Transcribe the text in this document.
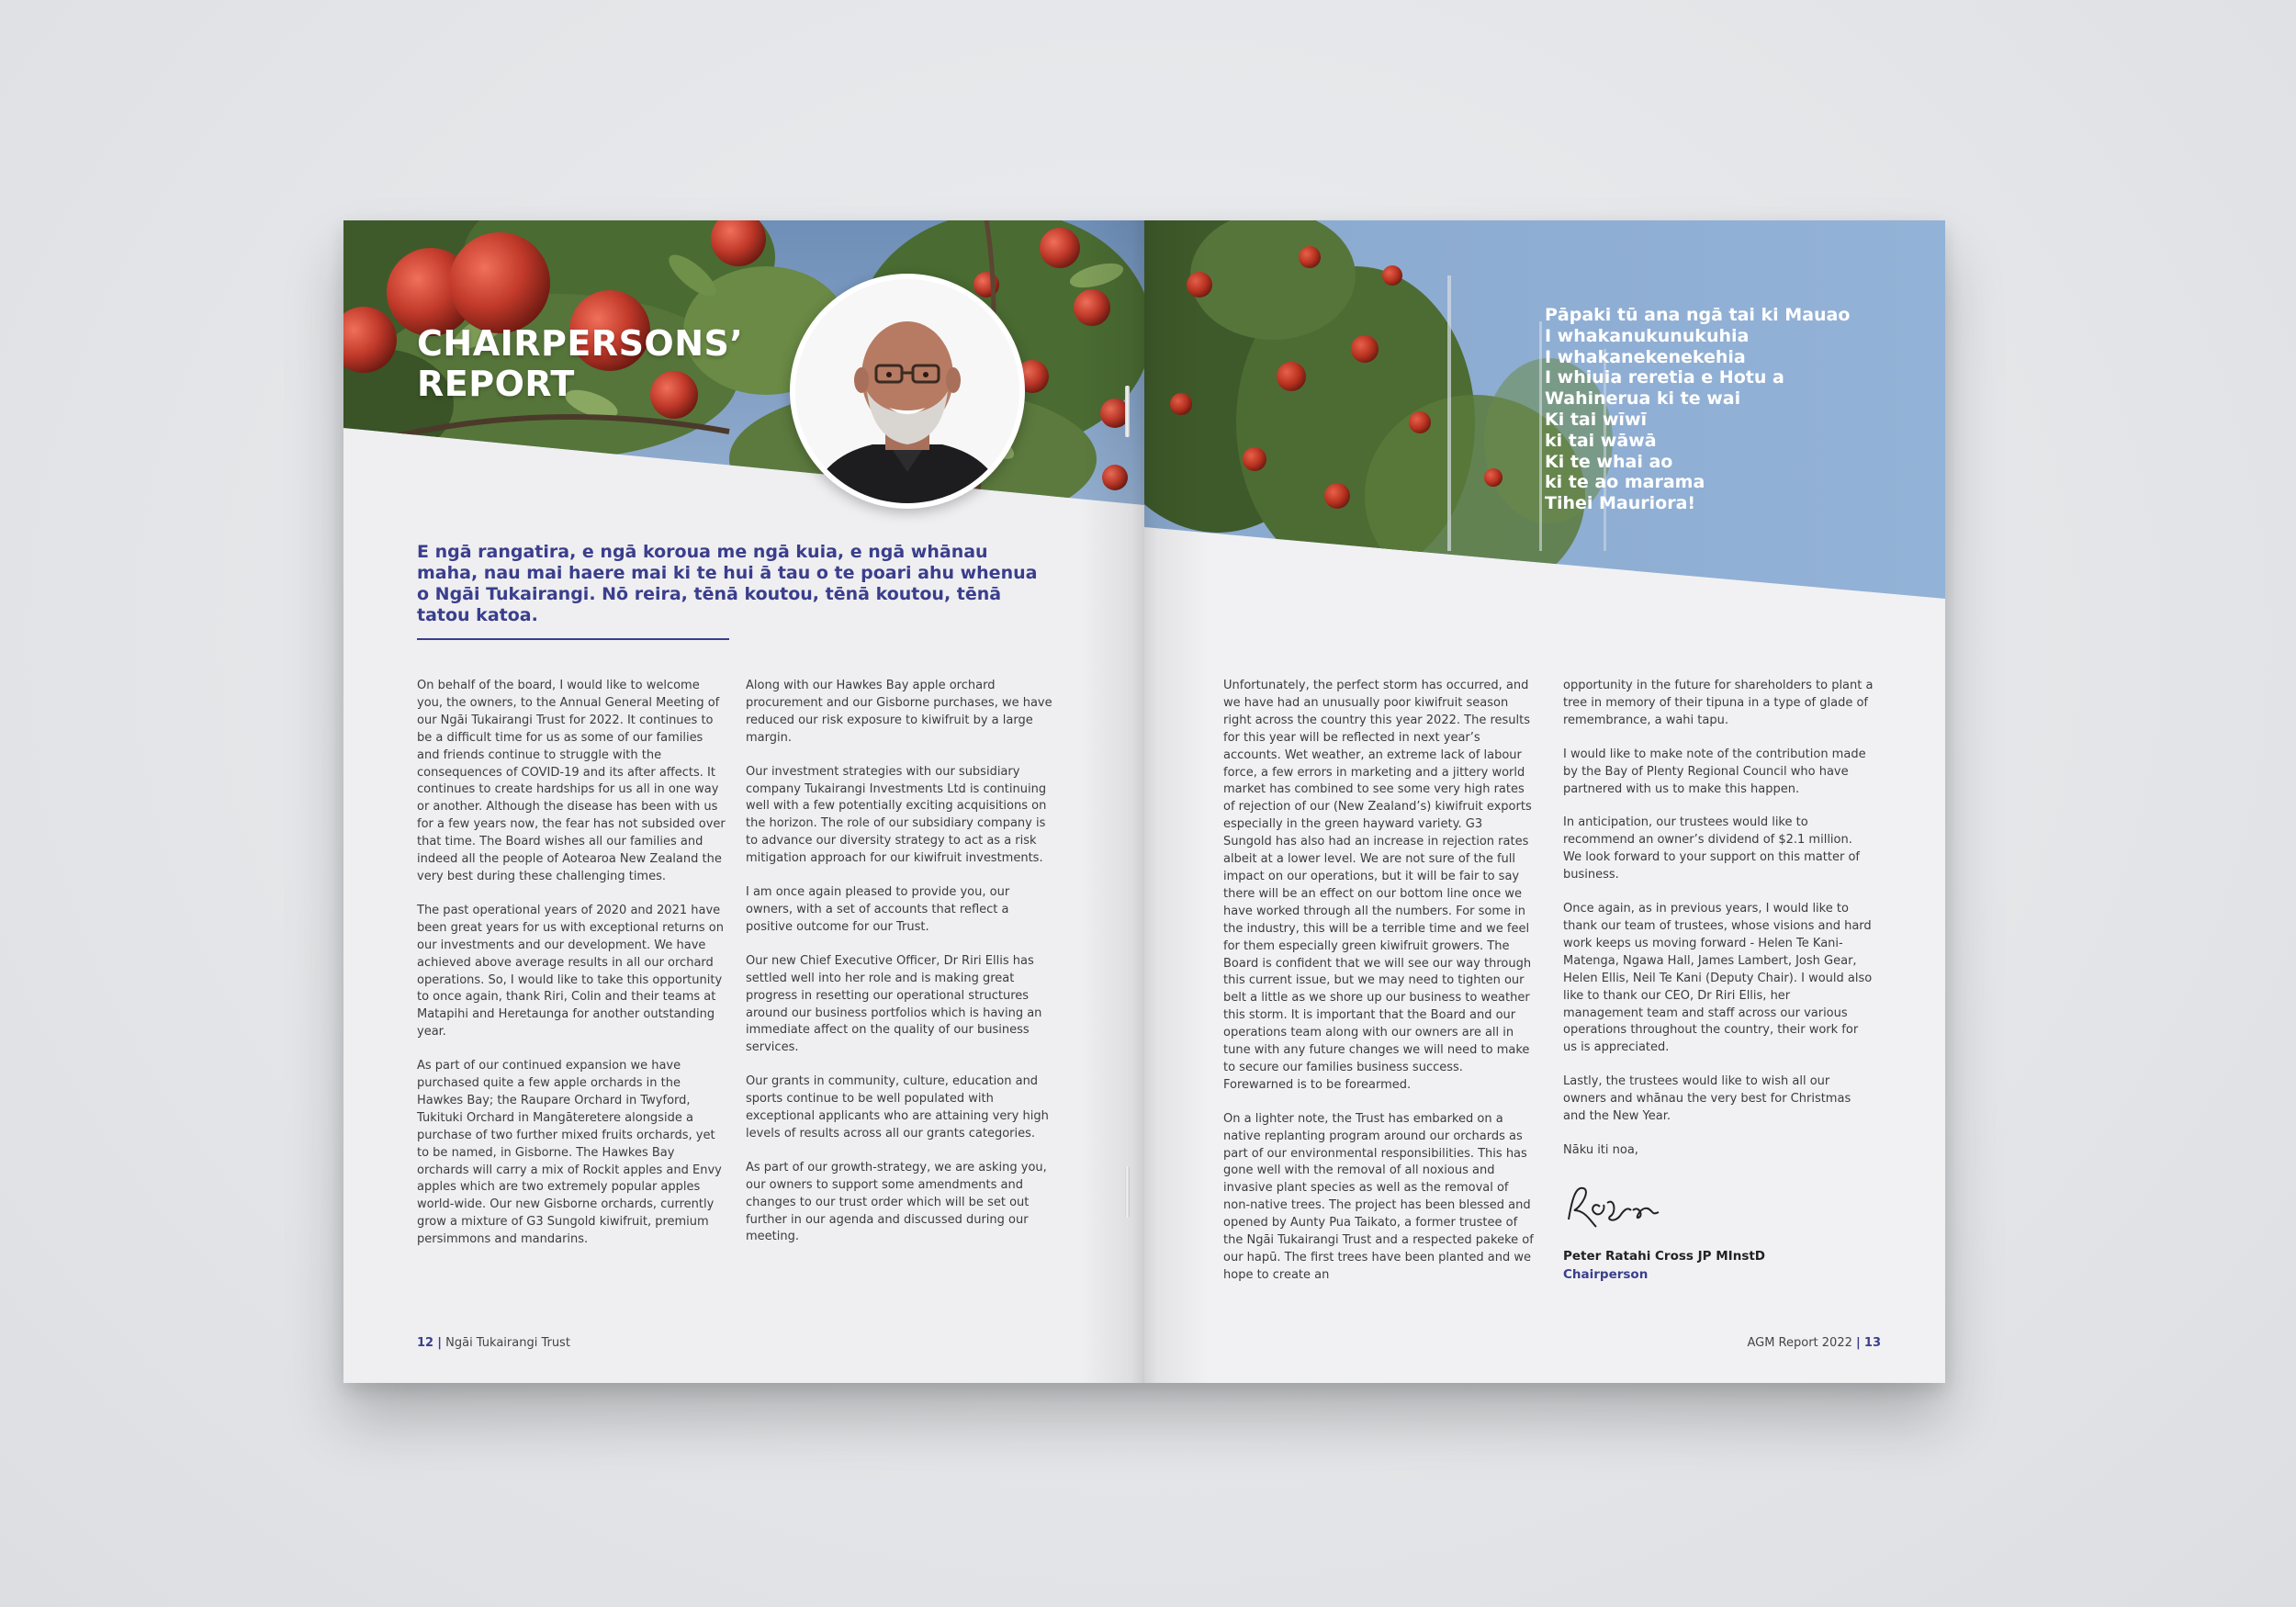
CHAIRPERSONS’
REPORT
E ngā rangatira, e ngā koroua me ngā kuia, e ngā whānau maha, nau mai haere mai ki te hui ā tau o te poari ahu whenua o Ngāi Tukairangi. Nō reira, tēnā koutou, tēnā koutou, tēnā tatou katoa.

On behalf of the board, I would like to welcome you, the owners, to the Annual General Meeting of our Ngāi Tukairangi Trust for 2022. It continues to be a difficult time for us as some of our families and friends continue to struggle with the consequences of COVID-19 and its after affects. It continues to create hardships for us all in one way or another. Although the disease has been with us for a few years now, the fear has not subsided over that time. The Board wishes all our families and indeed all the people of Aotearoa New Zealand the very best during these challenging times.

The past operational years of 2020 and 2021 have been great years for us with exceptional returns on our investments and our development. We have achieved above average results in all our orchard operations. So, I would like to take this opportunity to once again, thank Riri, Colin and their teams at Matapihi and Heretaunga for another outstanding year.

As part of our continued expansion we have purchased quite a few apple orchards in the Hawkes Bay; the Raupare Orchard in Twyford, Tukituki Orchard in Mangāteretere alongside a purchase of two further mixed fruits orchards, yet to be named, in Gisborne. The Hawkes Bay orchards will carry a mix of Rockit apples and Envy apples which are two extremely popular apples world-wide. Our new Gisborne orchards, currently grow a mixture of G3 Sungold kiwifruit, premium persimmons and mandarins.

Along with our Hawkes Bay apple orchard procurement and our Gisborne purchases, we have reduced our risk exposure to kiwifruit by a large margin.

Our investment strategies with our subsidiary company Tukairangi Investments Ltd is continuing well with a few potentially exciting acquisitions on the horizon. The role of our subsidiary company is to advance our diversity strategy to act as a risk mitigation approach for our kiwifruit investments.

I am once again pleased to provide you, our owners, with a set of accounts that reflect a positive outcome for our Trust.

Our new Chief Executive Officer, Dr Riri Ellis has settled well into her role and is making great progress in resetting our operational structures around our business portfolios which is having an immediate affect on the quality of our business services.

Our grants in community, culture, education and sports continue to be well populated with exceptional applicants who are attaining very high levels of results across all our grants categories.

As part of our growth-strategy, we are asking you, our owners to support some amendments and changes to our trust order which will be set out further in our agenda and discussed during our meeting.

12 | Ngāi Tukairangi Trust
Pāpaki tū ana ngā tai ki Mauao
I whakanukunukuhia
I whakanekenekehia
I whiuia reretia e Hotu a
Wahinerua ki te wai
Ki tai wīwī
ki tai wāwā
Ki te whai ao
ki te ao marama
Tihei Mauriora!

Unfortunately, the perfect storm has occurred, and we have had an unusually poor kiwifruit season right across the country this year 2022. The results for this year will be reflected in next year’s accounts. Wet weather, an extreme lack of labour force, a few errors in marketing and a jittery world market has combined to see some very high rates of rejection of our (New Zealand’s) kiwifruit exports especially in the green hayward variety. G3 Sungold has also had an increase in rejection rates albeit at a lower level. We are not sure of the full impact on our operations, but it will be fair to say there will be an effect on our bottom line once we have worked through all the numbers. For some in the industry, this will be a terrible time and we feel for them especially green kiwifruit growers. The Board is confident that we will see our way through this current issue, but we may need to tighten our belt a little as we shore up our business to weather this storm. It is important that the Board and our operations team along with our owners are all in tune with any future changes we will need to make to secure our families business success. Forewarned is to be forearmed.

On a lighter note, the Trust has embarked on a native replanting program around our orchards as part of our environmental responsibilities. This has gone well with the removal of all noxious and invasive plant species as well as the removal of non-native trees. The project has been blessed and opened by Aunty Pua Taikato, a former trustee of the Ngāi Tukairangi Trust and a respected pakeke of our hapū. The first trees have been planted and we hope to create an

opportunity in the future for shareholders to plant a tree in memory of their tipuna in a type of glade of remembrance, a wahi tapu.

I would like to make note of the contribution made by the Bay of Plenty Regional Council who have partnered with us to make this happen.

In anticipation, our trustees would like to recommend an owner’s dividend of $2.1 million. We look forward to your support on this matter of business.

Once again, as in previous years, I would like to thank our team of trustees, whose visions and hard work keeps us moving forward - Helen Te Kani-Matenga, Ngawa Hall, James Lambert, Josh Gear, Helen Ellis, Neil Te Kani (Deputy Chair). I would also like to thank our CEO, Dr Riri Ellis, her management team and staff across our various operations throughout the country, their work for us is appreciated.

Lastly, the trustees would like to wish all our owners and whānau the very best for Christmas and the New Year.

Nāku iti noa,

Peter Ratahi Cross JP MInstD
Chairperson
AGM Report 2022 | 13
